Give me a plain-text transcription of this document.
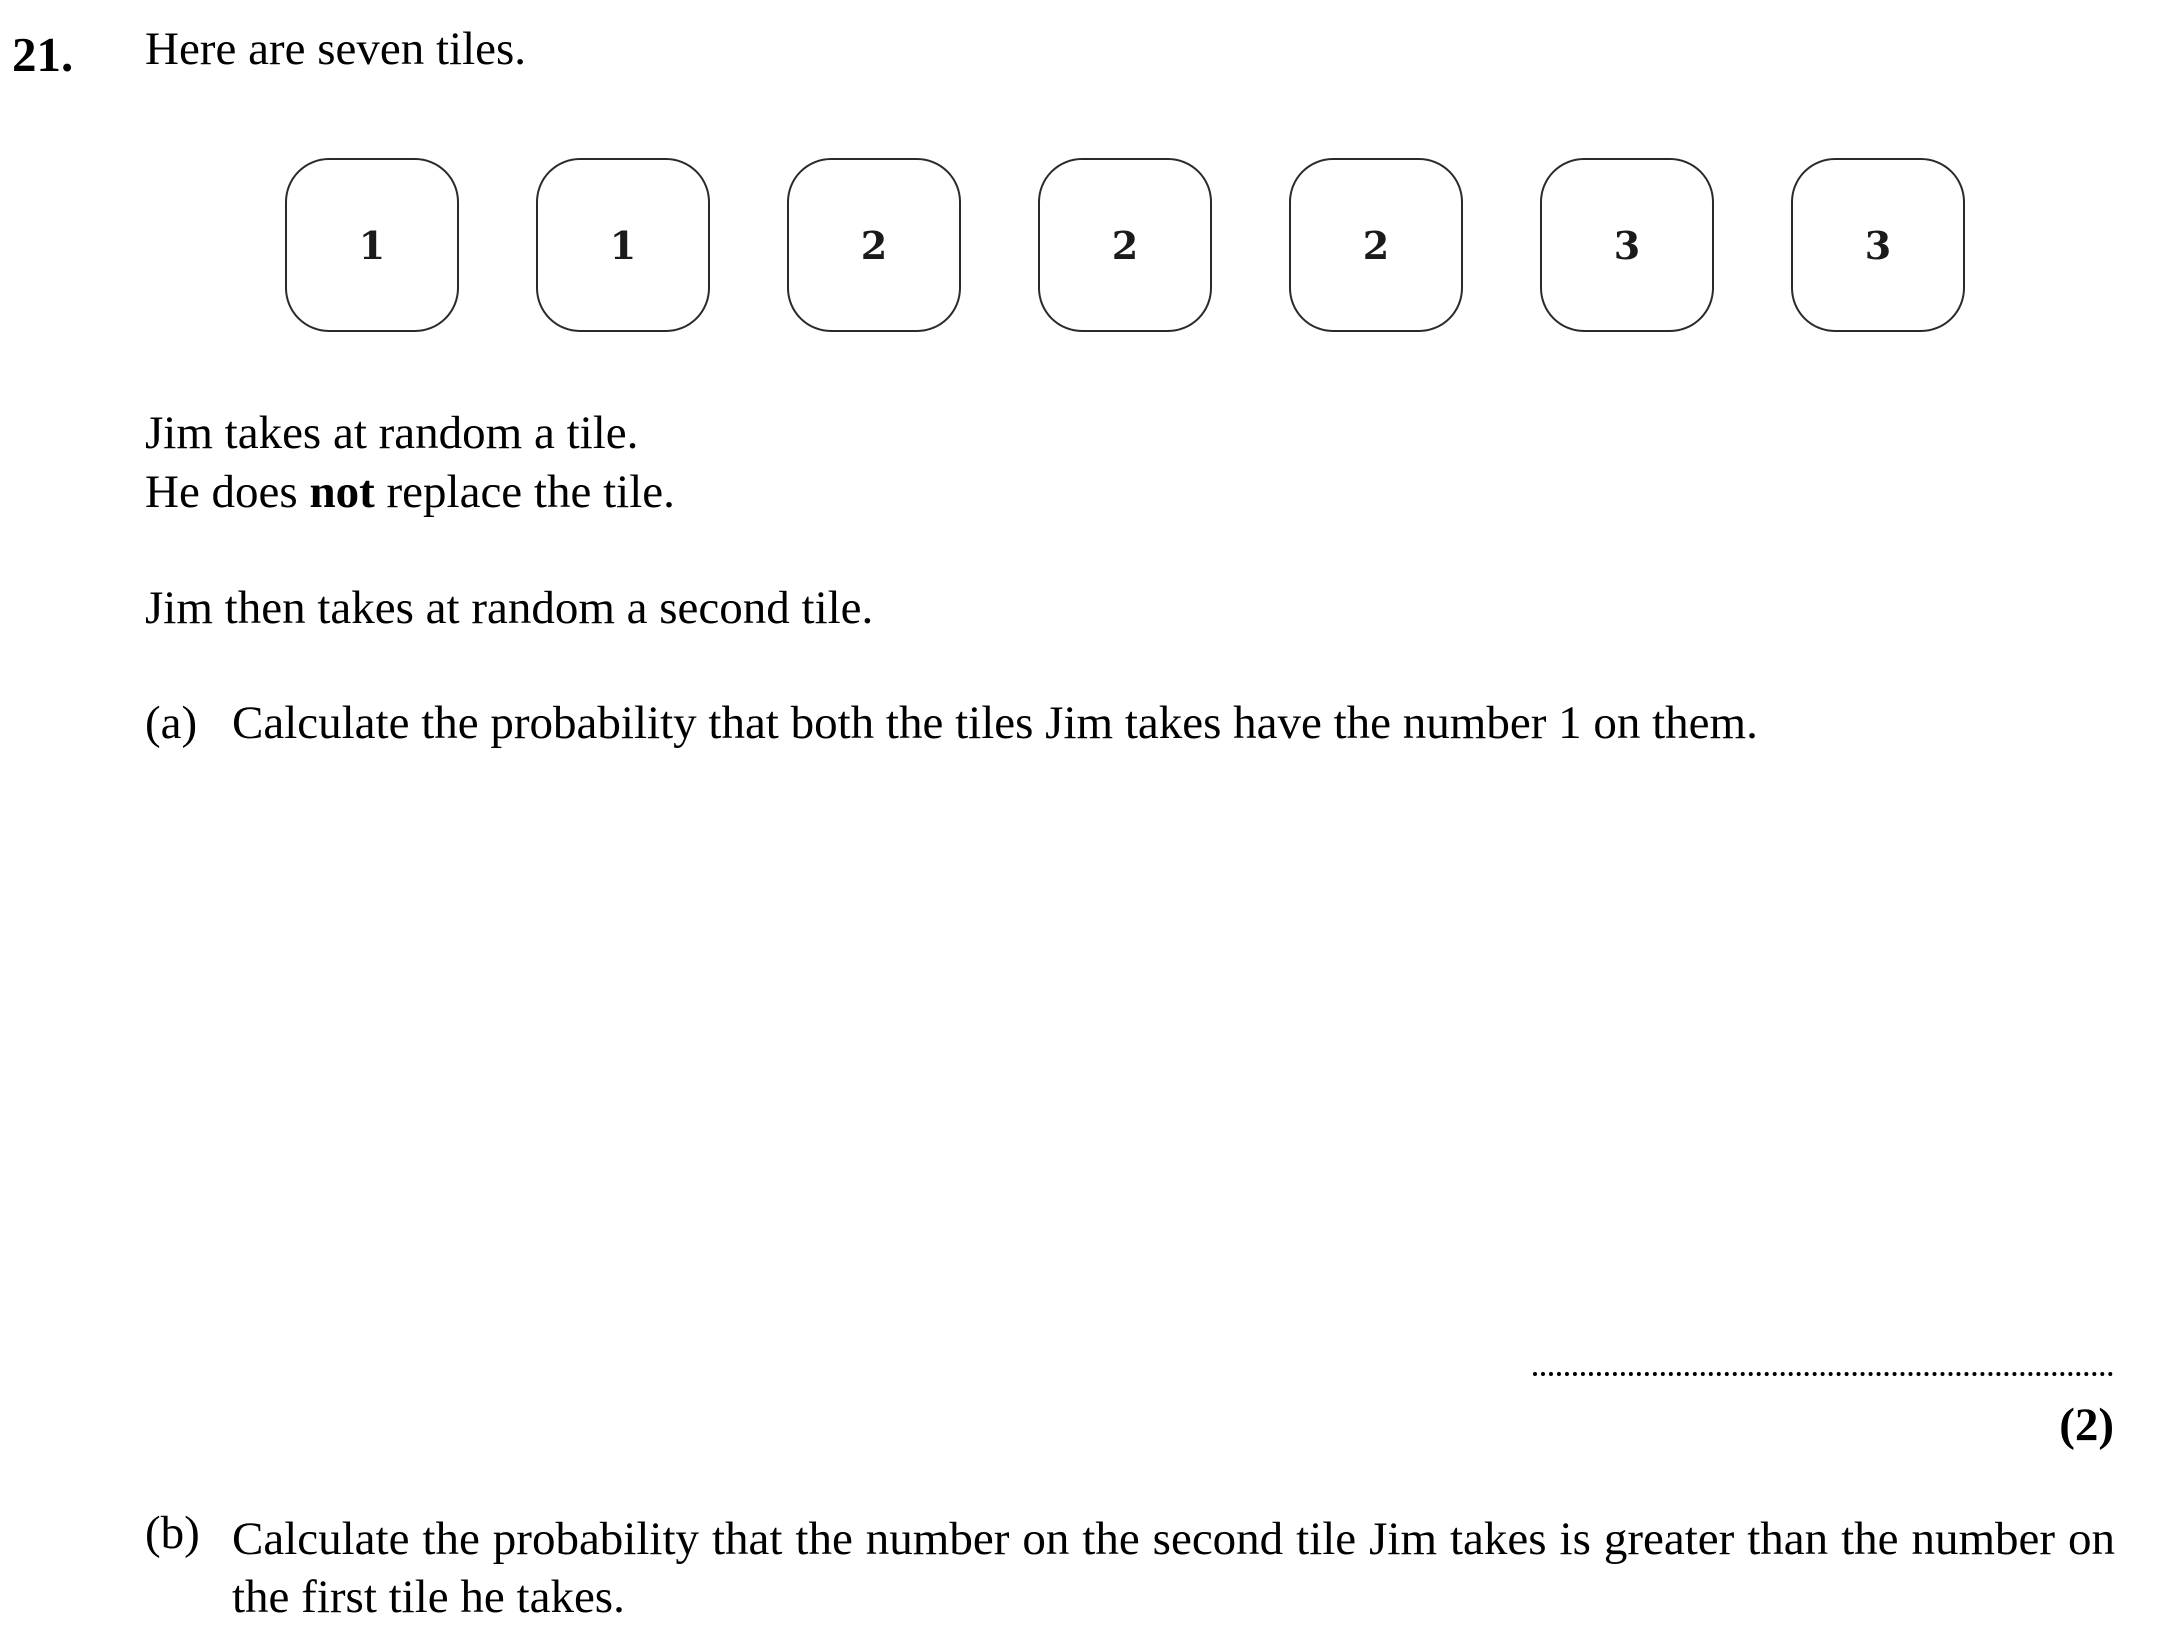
21. Here are seven tiles.
1	1	2	2	2	3	3
Jim takes at random a tile.
He does not replace the tile.
Jim then takes at random a second tile.
(a) Calculate the probability that both the tiles Jim takes have the number 1 on them.
(2)
(b) Calculate the probability that the number on the second tile Jim takes is greater than the number on the first tile he takes.
